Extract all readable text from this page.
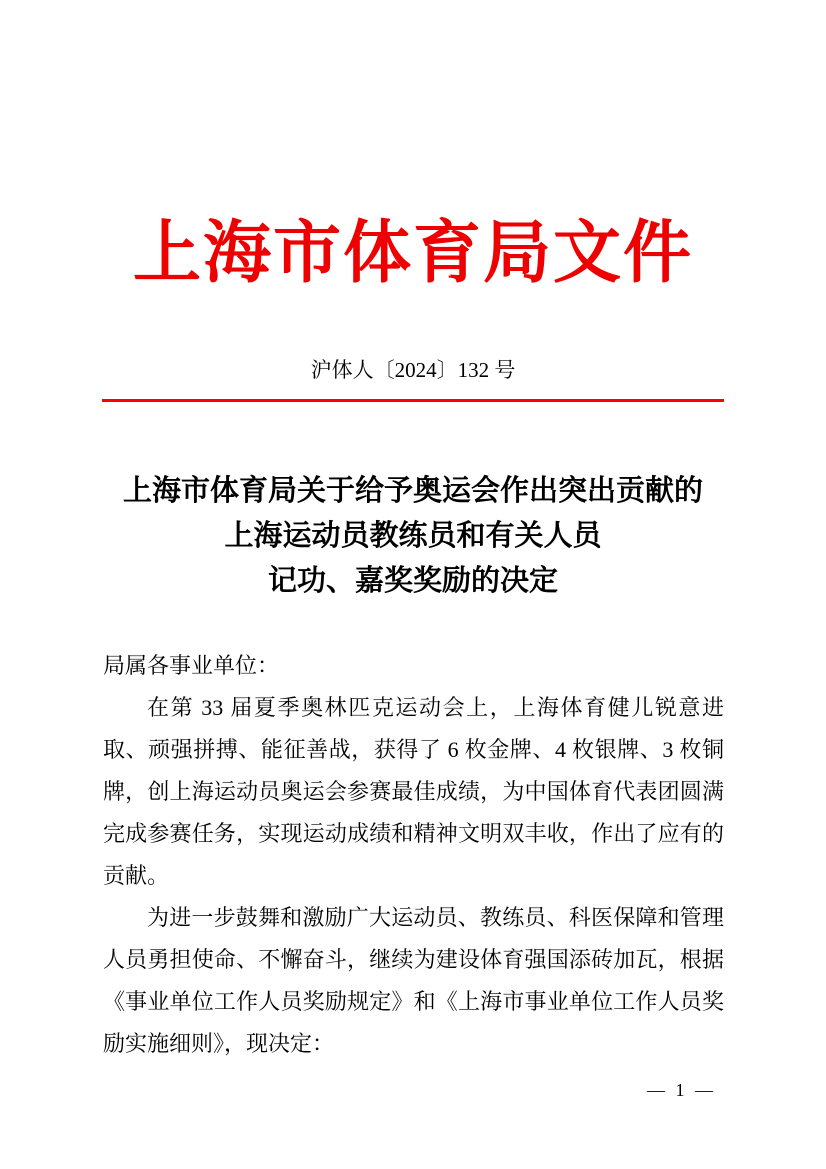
上海市体育局文件
沪体人〔2024〕132 号
上海市体育局关于给予奥运会作出突出贡献的
上海运动员教练员和有关人员
记功、嘉奖奖励的决定

局属各事业单位：

在第 33 届夏季奥林匹克运动会上，上海体育健儿锐意进取、顽强拼搏、能征善战，获得了 6 枚金牌、4 枚银牌、3 枚铜牌，创上海运动员奥运会参赛最佳成绩，为中国体育代表团圆满完成参赛任务，实现运动成绩和精神文明双丰收，作出了应有的贡献。

为进一步鼓舞和激励广大运动员、教练员、科医保障和管理人员勇担使命、不懈奋斗，继续为建设体育强国添砖加瓦，根据《事业单位工作人员奖励规定》和《上海市事业单位工作人员奖励实施细则》，现决定：

— 1 —
